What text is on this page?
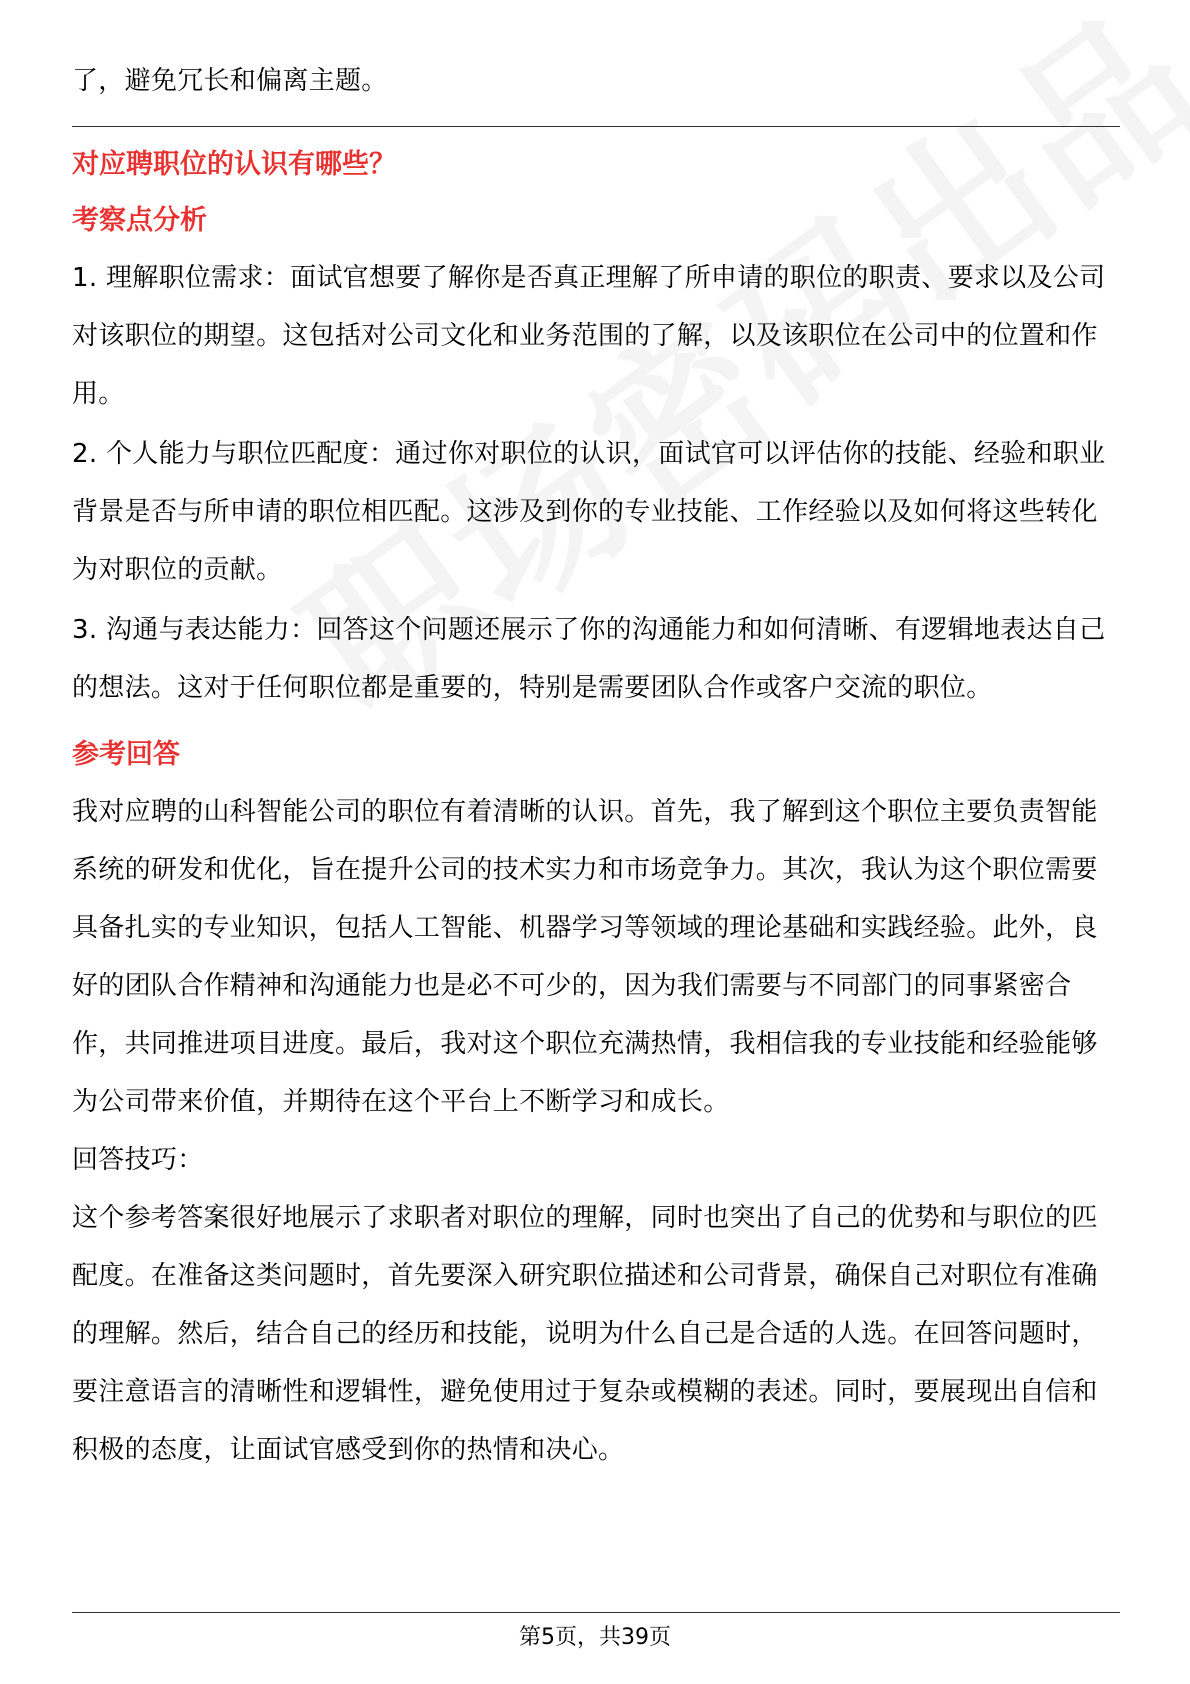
了，避免冗长和偏离主题。

对应聘职位的认识有哪些？
考察点分析

1. 理解职位需求：面试官想要了解你是否真正理解了所申请的职位的职责、要求以及公司对该职位的期望。这包括对公司文化和业务范围的了解，以及该职位在公司中的位置和作用。

2. 个人能力与职位匹配度：通过你对职位的认识，面试官可以评估你的技能、经验和职业背景是否与所申请的职位相匹配。这涉及到你的专业技能、工作经验以及如何将这些转化为对职位的贡献。

3. 沟通与表达能力：回答这个问题还展示了你的沟通能力和如何清晰、有逻辑地表达自己的想法。这对于任何职位都是重要的，特别是需要团队合作或客户交流的职位。

参考回答

我对应聘的山科智能公司的职位有着清晰的认识。首先，我了解到这个职位主要负责智能系统的研发和优化，旨在提升公司的技术实力和市场竞争力。其次，我认为这个职位需要具备扎实的专业知识，包括人工智能、机器学习等领域的理论基础和实践经验。此外，良好的团队合作精神和沟通能力也是必不可少的，因为我们需要与不同部门的同事紧密合作，共同推进项目进度。最后，我对这个职位充满热情，我相信我的专业技能和经验能够为公司带来价值，并期待在这个平台上不断学习和成长。

回答技巧：

这个参考答案很好地展示了求职者对职位的理解，同时也突出了自己的优势和与职位的匹配度。在准备这类问题时，首先要深入研究职位描述和公司背景，确保自己对职位有准确的理解。然后，结合自己的经历和技能，说明为什么自己是合适的人选。在回答问题时，要注意语言的清晰性和逻辑性，避免使用过于复杂或模糊的表述。同时，要展现出自信和积极的态度，让面试官感受到你的热情和决心。

第5页，共39页
